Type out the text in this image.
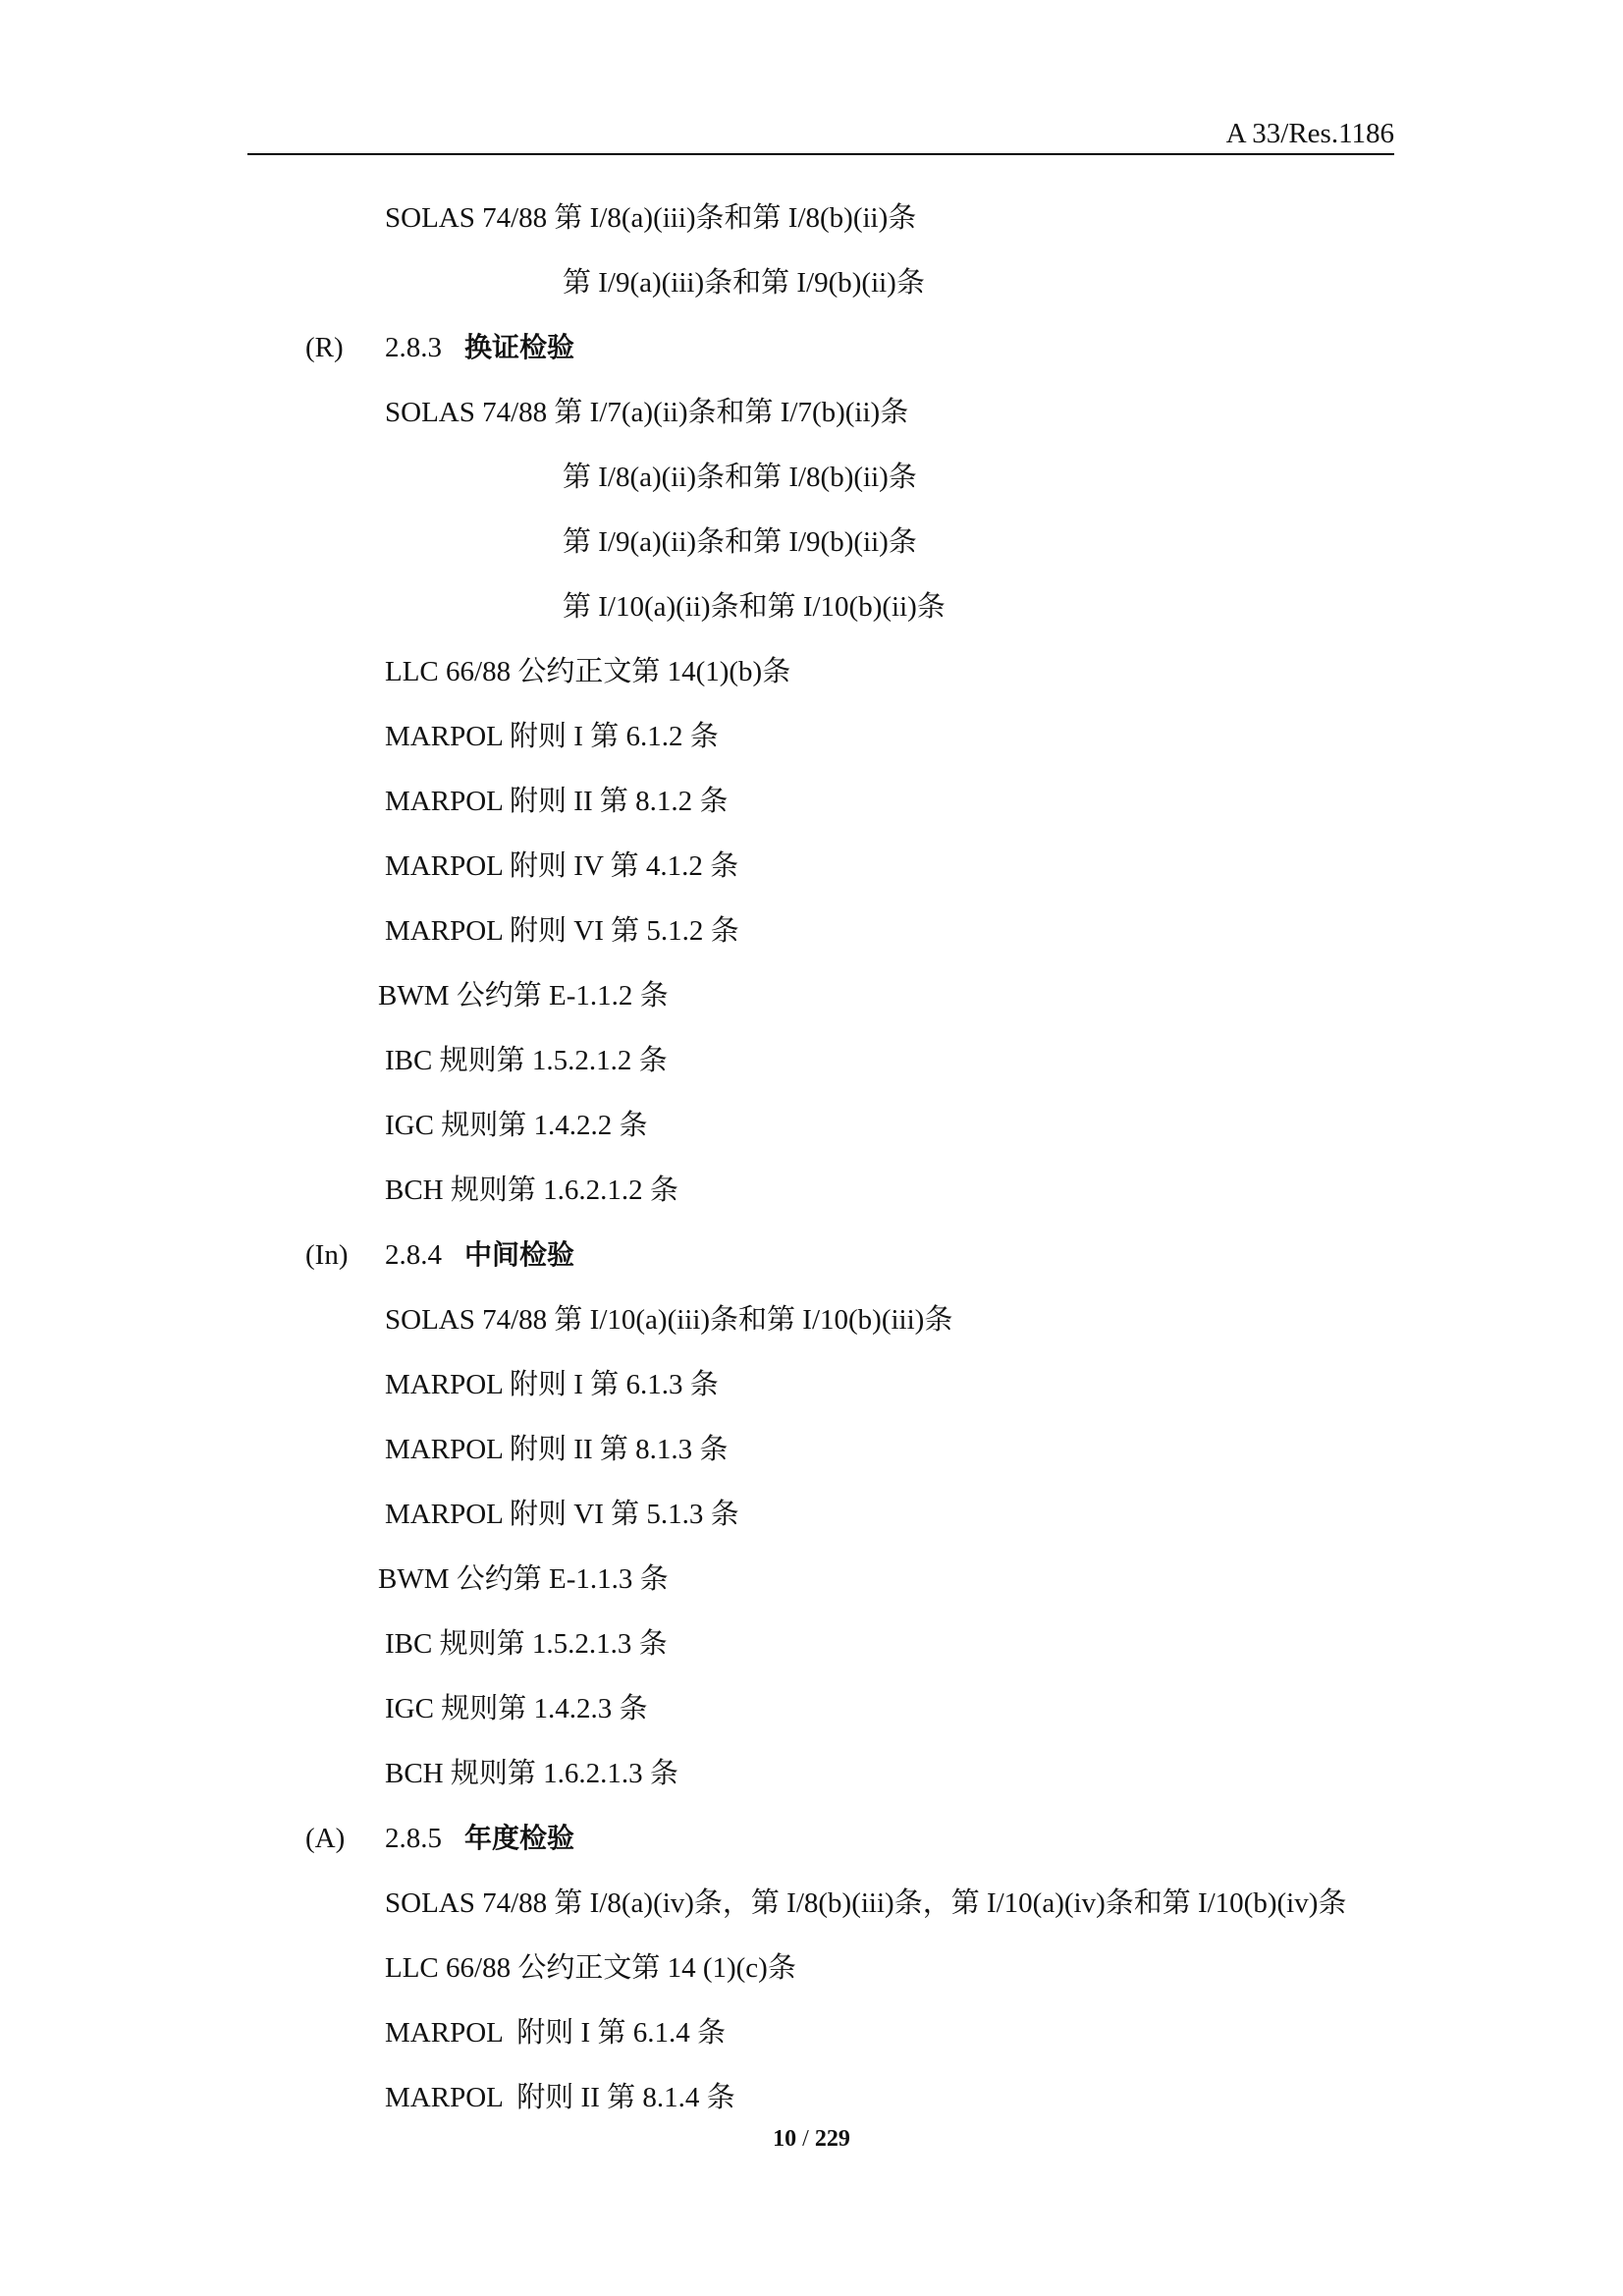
A 33/Res.1186
SOLAS 74/88 第 I/8(a)(iii)条和第 I/8(b)(ii)条
第 I/9(a)(iii)条和第 I/9(b)(ii)条
(R) 2.8.3 换证检验
SOLAS 74/88 第 I/7(a)(ii)条和第 I/7(b)(ii)条
第 I/8(a)(ii)条和第 I/8(b)(ii)条
第 I/9(a)(ii)条和第 I/9(b)(ii)条
第 I/10(a)(ii)条和第 I/10(b)(ii)条
LLC 66/88 公约正文第 14(1)(b)条
MARPOL 附则 I 第 6.1.2 条
MARPOL 附则 II 第 8.1.2 条
MARPOL 附则 IV 第 4.1.2 条
MARPOL 附则 VI 第 5.1.2 条
BWM 公约第 E-1.1.2 条
IBC 规则第 1.5.2.1.2 条
IGC 规则第 1.4.2.2 条
BCH 规则第 1.6.2.1.2 条
(In) 2.8.4 中间检验
SOLAS 74/88 第 I/10(a)(iii)条和第 I/10(b)(iii)条
MARPOL 附则 I 第 6.1.3 条
MARPOL 附则 II 第 8.1.3 条
MARPOL 附则 VI 第 5.1.3 条
BWM 公约第 E-1.1.3 条
IBC 规则第 1.5.2.1.3 条
IGC 规则第 1.4.2.3 条
BCH 规则第 1.6.2.1.3 条
(A) 2.8.5 年度检验
SOLAS 74/88 第 I/8(a)(iv)条，第 I/8(b)(iii)条，第 I/10(a)(iv)条和第 I/10(b)(iv)条
LLC 66/88 公约正文第 14 (1)(c)条
MARPOL  附则 I 第 6.1.4 条
MARPOL  附则 II 第 8.1.4 条
10 / 229
